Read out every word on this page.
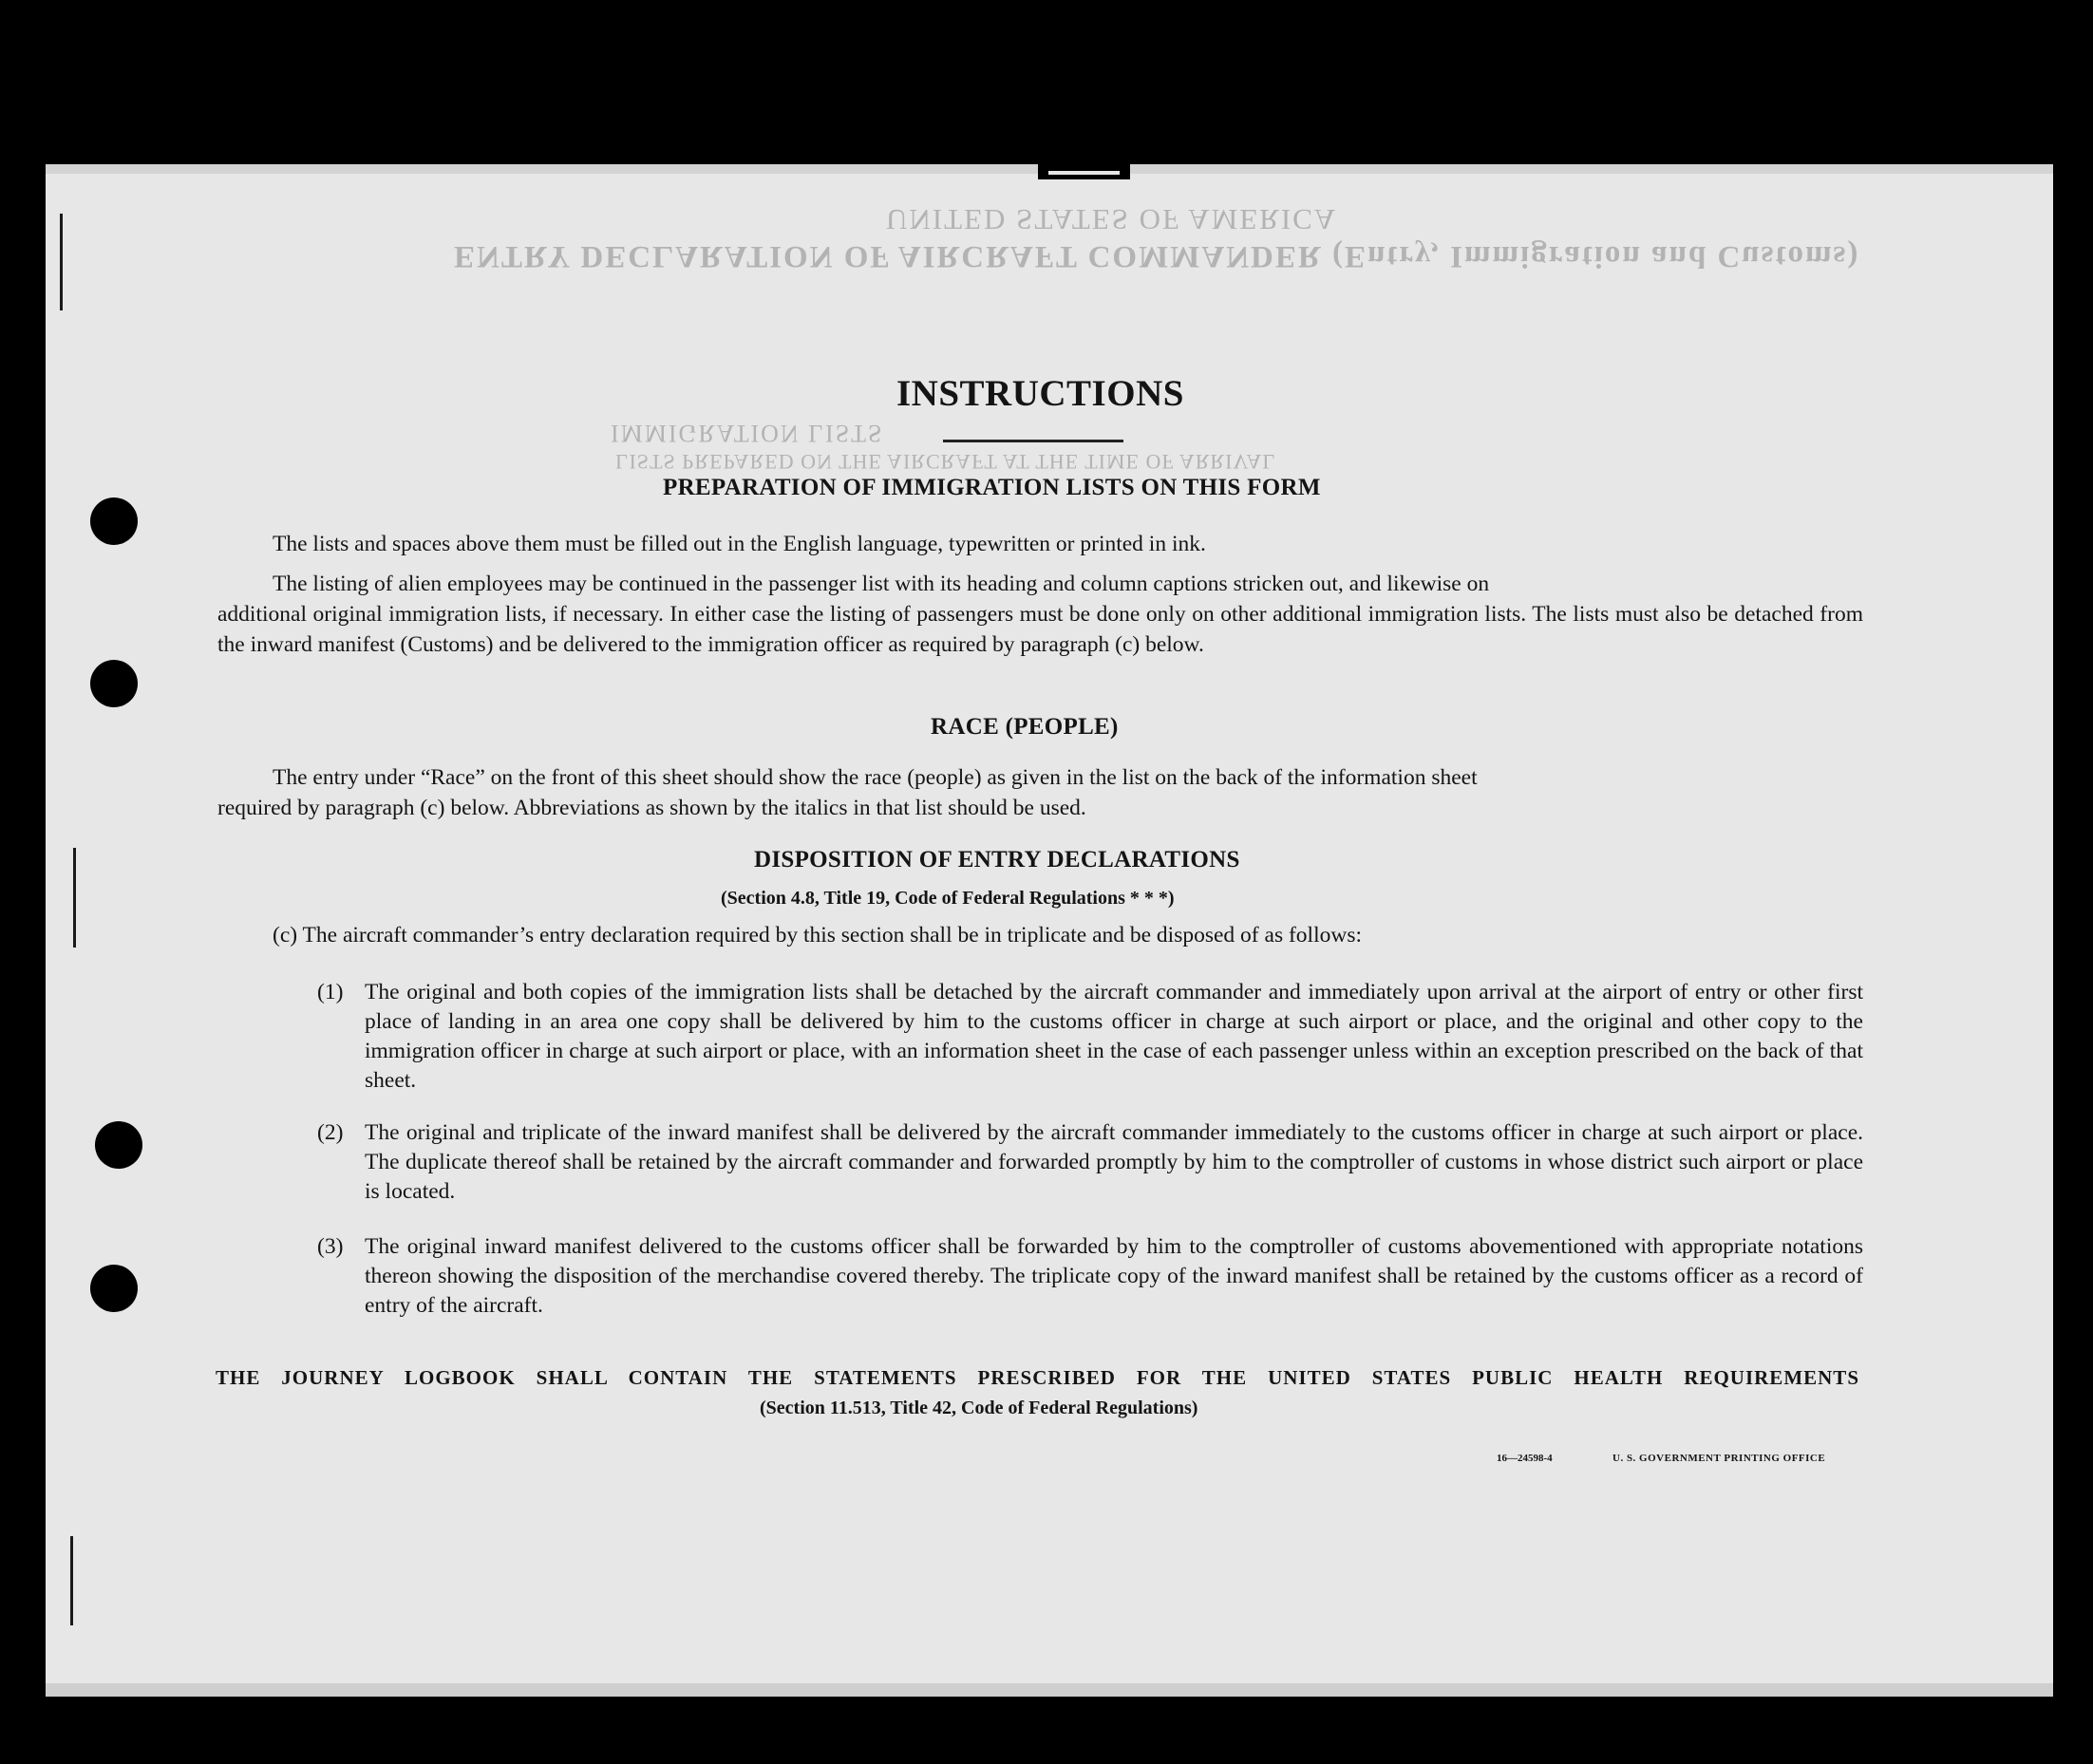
UNITED STATES OF AMERICA
ENTRY DECLARATION OF AIRCRAFT COMMANDER (Entry, Immigration and Customs)
IMMIGRATION LISTS
LISTS PREPARED ON THE AIRCRAFT AT THE TIME OF ARRIVAL
INSTRUCTIONS
PREPARATION OF IMMIGRATION LISTS ON THIS FORM
The lists and spaces above them must be filled out in the English language, typewritten or printed in ink.
The listing of alien employees may be continued in the passenger list with its heading and column captions stricken out, and likewise on
additional original immigration lists, if necessary. In either case the listing of passengers must be done only on other additional immigration lists. The lists must also be detached from the inward manifest (Customs) and be delivered to the immigration officer as required by paragraph (c) below.
RACE (PEOPLE)
The entry under “Race” on the front of this sheet should show the race (people) as given in the list on the back of the information sheet
required by paragraph (c) below. Abbreviations as shown by the italics in that list should be used.
DISPOSITION OF ENTRY DECLARATIONS
(Section 4.8, Title 19, Code of Federal Regulations * * *)
(c) The aircraft commander’s entry declaration required by this section shall be in triplicate and be disposed of as follows:
(1) The original and both copies of the immigration lists shall be detached by the aircraft commander and immediately upon arrival at the airport of entry or other first place of landing in an area one copy shall be delivered by him to the customs officer in charge at such airport or place, and the original and other copy to the immigration officer in charge at such airport or place, with an information sheet in the case of each passenger unless within an exception prescribed on the back of that sheet.
(2) The original and triplicate of the inward manifest shall be delivered by the aircraft commander immediately to the customs officer in charge at such airport or place. The duplicate thereof shall be retained by the aircraft commander and forwarded promptly by him to the comptroller of customs in whose district such airport or place is located.
(3) The original inward manifest delivered to the customs officer shall be forwarded by him to the comptroller of customs abovementioned with appropriate notations thereon showing the disposition of the merchandise covered thereby. The triplicate copy of the inward manifest shall be retained by the customs officer as a record of entry of the aircraft.
THE JOURNEY LOGBOOK SHALL CONTAIN THE STATEMENTS PRESCRIBED FOR THE UNITED STATES PUBLIC HEALTH REQUIREMENTS
(Section 11.513, Title 42, Code of Federal Regulations)
16—24598-4	U. S. GOVERNMENT PRINTING OFFICE
